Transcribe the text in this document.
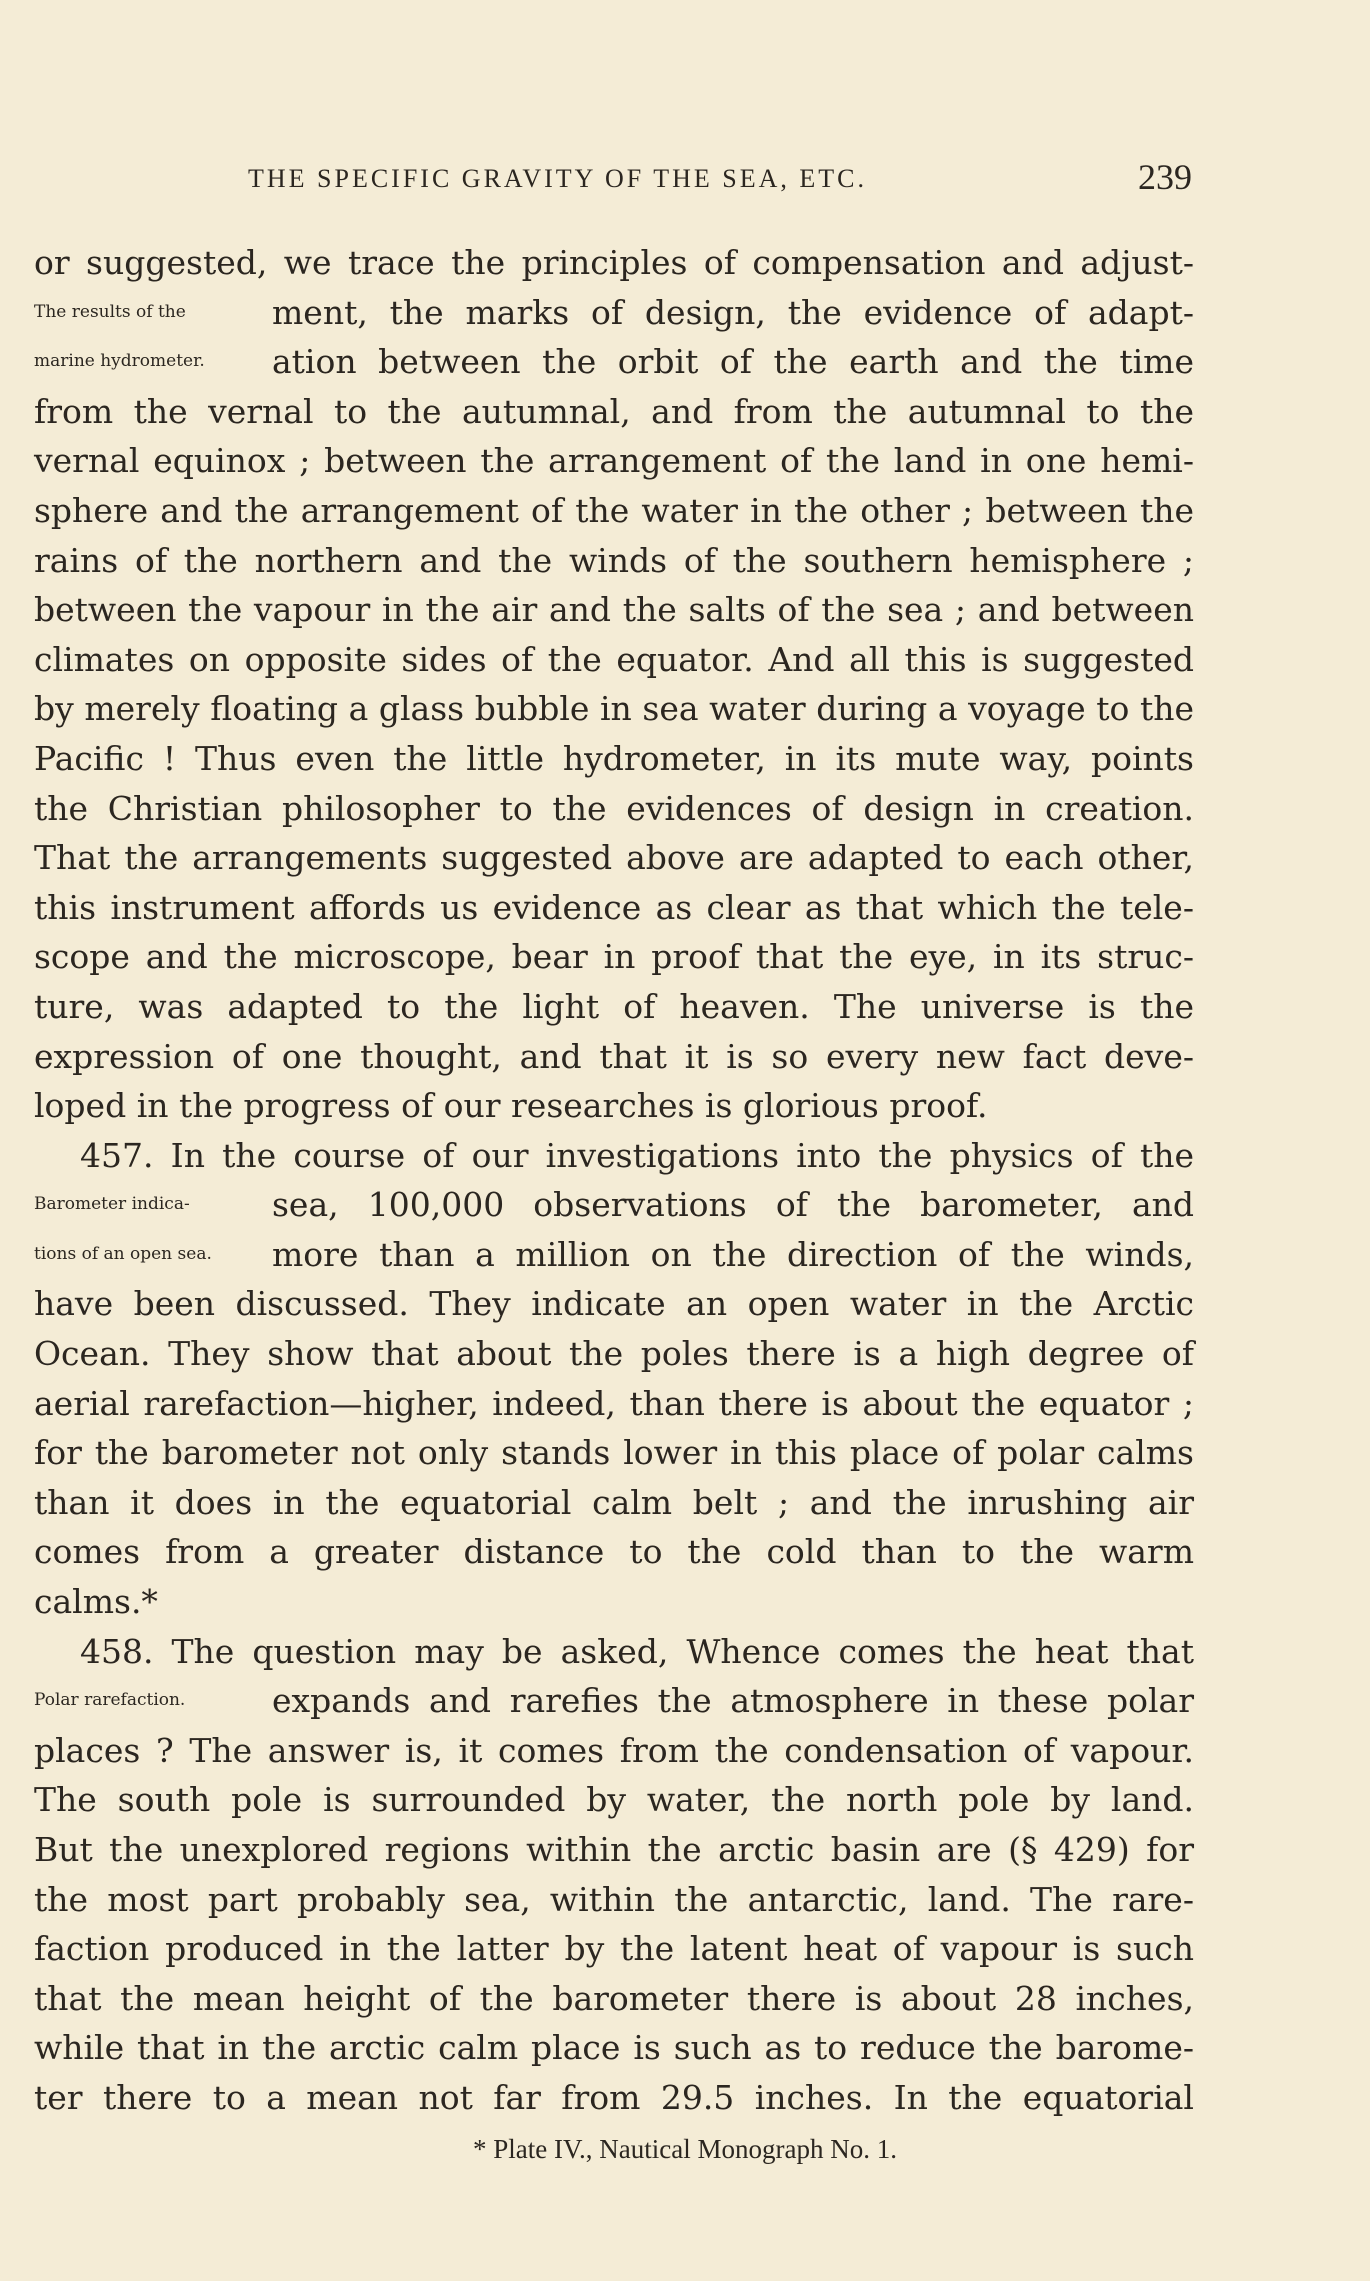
THE SPECIFIC GRAVITY OF THE SEA, ETC.	239
or suggested, we trace the principles of compensation and adjust-
The results of the	ment, the marks of design, the evidence of adapt-
marine hydrometer. ation between the orbit of the earth and the time
from the vernal to the autumnal, and from the autumnal to the
vernal equinox ; between the arrangement of the land in one hemi-
sphere and the arrangement of the water in the other ; between the
rains of the northern and the winds of the southern hemisphere ;
between the vapour in the air and the salts of the sea ; and between
climates on opposite sides of the equator. And all this is suggested
by merely floating a glass bubble in sea water during a voyage to the
Pacific ! Thus even the little hydrometer, in its mute way, points
the Christian philosopher to the evidences of design in creation.
That the arrangements suggested above are adapted to each other,
this instrument affords us evidence as clear as that which the tele-
scope and the microscope, bear in proof that the eye, in its struc-
ture, was adapted to the light of heaven. The universe is the
expression of one thought, and that it is so every new fact deve-
loped in the progress of our researches is glorious proof.
457. In the course of our investigations into the physics of the
Barometer indica- sea, 100,000 observations of the barometer, and
tions of an open sea. more than a million on the direction of the winds,
have been discussed. They indicate an open water in the Arctic
Ocean. They show that about the poles there is a high degree of
aerial rarefaction—higher, indeed, than there is about the equator ;
for the barometer not only stands lower in this place of polar calms
than it does in the equatorial calm belt ; and the inrushing air
comes from a greater distance to the cold than to the warm
calms.*
458. The question may be asked, Whence comes the heat that
Polar rarefaction.	expands and rarefies the atmosphere in these polar
places ? The answer is, it comes from the condensation of vapour.
The south pole is surrounded by water, the north pole by land.
But the unexplored regions within the arctic basin are (§ 429) for
the most part probably sea, within the antarctic, land. The rare-
faction produced in the latter by the latent heat of vapour is such
that the mean height of the barometer there is about 28 inches,
while that in the arctic calm place is such as to reduce the barome-
ter there to a mean not far from 29.5 inches. In the equatorial
* Plate IV., Nautical Monograph No. 1.
